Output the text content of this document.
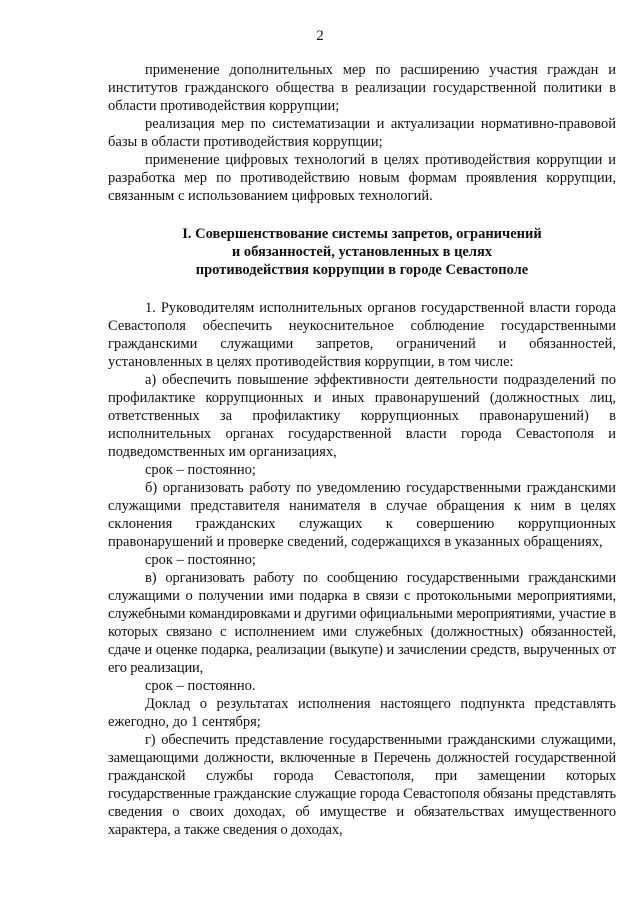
2

применение дополнительных мер по расширению участия граждан и институтов гражданского общества в реализации государственной политики в области противодействия коррупции;

реализация мер по систематизации и актуализации нормативно-правовой базы в области противодействия коррупции;

применение цифровых технологий в целях противодействия коррупции и разработка мер по противодействию новым формам проявления коррупции, связанным с использованием цифровых технологий.

I. Совершенствование системы запретов, ограничений
и обязанностей, установленных в целях
противодействия коррупции в городе Севастополе

1. Руководителям исполнительных органов государственной власти города Севастополя обеспечить неукоснительное соблюдение государственными гражданскими служащими запретов, ограничений и обязанностей, установленных в целях противодействия коррупции, в том числе:

а) обеспечить повышение эффективности деятельности подразделений по профилактике коррупционных и иных правонарушений (должностных лиц, ответственных за профилактику коррупционных правонарушений) в исполнительных органах государственной власти города Севастополя и подведомственных им организациях,

срок – постоянно;

б) организовать работу по уведомлению государственными гражданскими служащими представителя нанимателя в случае обращения к ним в целях склонения гражданских служащих к совершению коррупционных правонарушений и проверке сведений, содержащихся в указанных обращениях,

срок – постоянно;

в) организовать работу по сообщению государственными гражданскими служащими о получении ими подарка в связи с протокольными мероприятиями, служебными командировками и другими официальными мероприятиями, участие в которых связано с исполнением ими служебных (должностных) обязанностей, сдаче и оценке подарка, реализации (выкупе) и зачислении средств, вырученных от его реализации,

срок – постоянно.

Доклад о результатах исполнения настоящего подпункта представлять ежегодно, до 1 сентября;

г) обеспечить представление государственными гражданскими служащими, замещающими должности, включенные в Перечень должностей государственной гражданской службы города Севастополя, при замещении которых государственные гражданские служащие города Севастополя обязаны представлять сведения о своих доходах, об имуществе и обязательствах имущественного характера, а также сведения о доходах,
